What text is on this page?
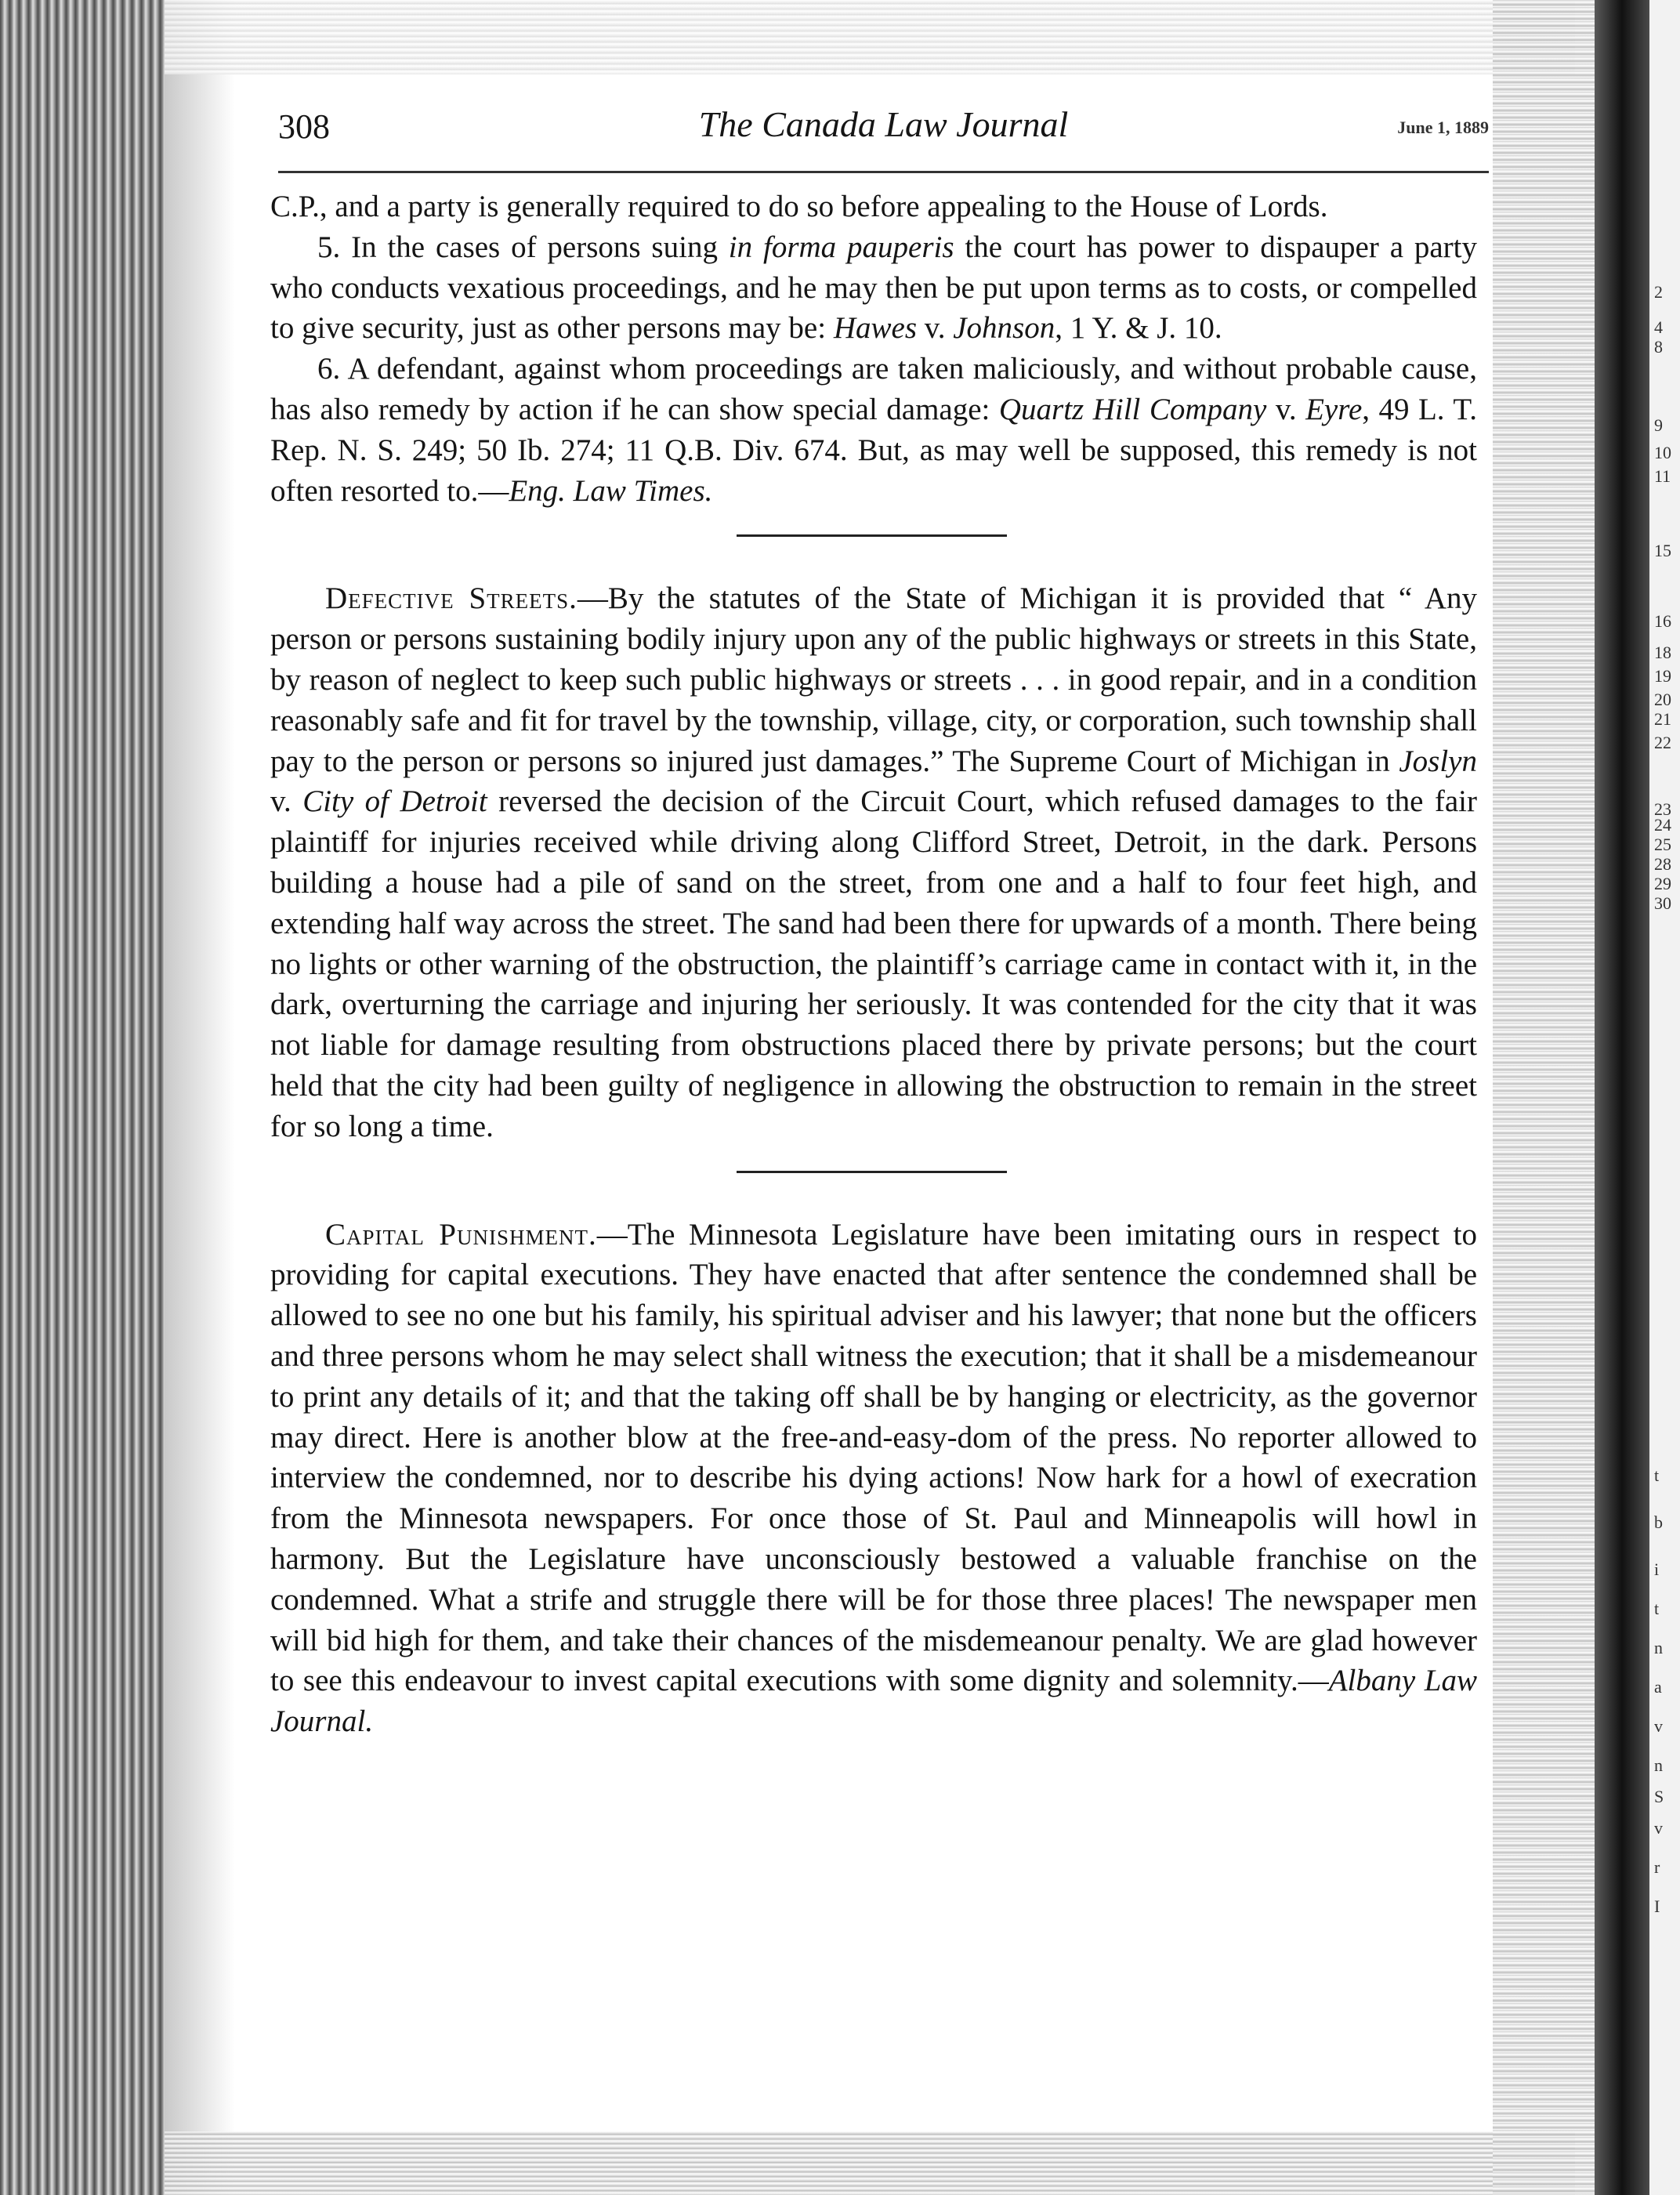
2
4
8
9
10
11
15
16
18
19
20
21
22
23
24
25
28
29
30
t
b
i
t
n
a
v
n
S
v
r
I
308	The Canada Law Journal	June 1, 1889

C.P., and a party is generally required to do so before appealing to the House of Lords.

5. In the cases of persons suing in forma pauperis the court has power to dispauper a party who conducts vexatious proceedings, and he may then be put upon terms as to costs, or compelled to give security, just as other persons may be: Hawes v. Johnson, 1 Y. & J. 10.

6. A defendant, against whom proceedings are taken maliciously, and without probable cause, has also remedy by action if he can show special damage: Quartz Hill Company v. Eyre, 49 L. T. Rep. N. S. 249; 50 Ib. 274; 11 Q.B. Div. 674. But, as may well be supposed, this remedy is not often resorted to.—Eng. Law Times.

Defective Streets.—By the statutes of the State of Michigan it is provided that “ Any person or persons sustaining bodily injury upon any of the public highways or streets in this State, by reason of neglect to keep such public highways or streets . . . in good repair, and in a condition reasonably safe and fit for travel by the township, village, city, or corporation, such township shall pay to the person or persons so injured just damages.” The Supreme Court of Michigan in Joslyn v. City of Detroit reversed the decision of the Circuit Court, which refused damages to the fair plaintiff for injuries received while driving along Clifford Street, Detroit, in the dark. Persons building a house had a pile of sand on the street, from one and a half to four feet high, and extending half way across the street. The sand had been there for upwards of a month. There being no lights or other warning of the obstruction, the plaintiff’s carriage came in contact with it, in the dark, overturning the carriage and injuring her seriously. It was contended for the city that it was not liable for damage resulting from obstructions placed there by private persons; but the court held that the city had been guilty of negligence in allowing the obstruction to remain in the street for so long a time.

Capital Punishment.—The Minnesota Legislature have been imitating ours in respect to providing for capital executions. They have enacted that after sentence the condemned shall be allowed to see no one but his family, his spiritual adviser and his lawyer; that none but the officers and three persons whom he may select shall witness the execution; that it shall be a misdemeanour to print any details of it; and that the taking off shall be by hanging or electricity, as the governor may direct. Here is another blow at the free-and-easy-dom of the press. No reporter allowed to interview the condemned, nor to describe his dying actions! Now hark for a howl of execration from the Minnesota newspapers. For once those of St. Paul and Minneapolis will howl in harmony. But the Legislature have unconsciously bestowed a valuable franchise on the condemned. What a strife and struggle there will be for those three places! The newspaper men will bid high for them, and take their chances of the misdemeanour penalty. We are glad however to see this endeavour to invest capital executions with some dignity and solemnity.—Albany Law Journal.
